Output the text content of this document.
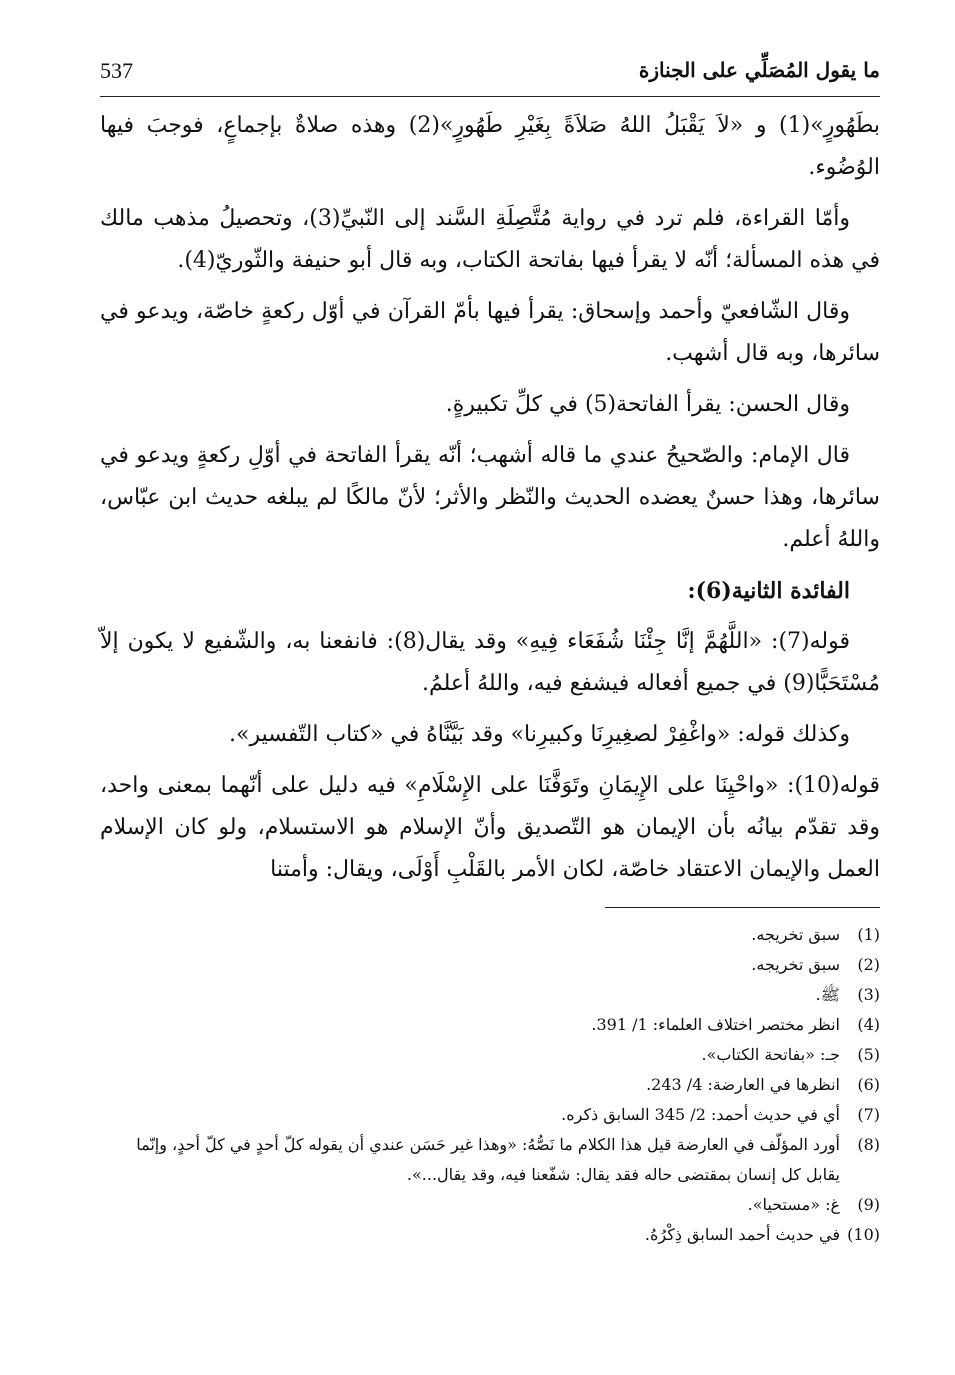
ما يقول المُصَلِّي على الجنازة
537

بطَهُورٍ»(1) و «لاَ يَقْبَلُ اللهُ صَلاَةً بِغَيْرِ طَهُورٍ»(2) وهذه صلاةٌ بإجماعٍ، فوجبَ فيها الوُضُوء.

وأمّا القراءة، فلم ترد في رواية مُتَّصِلَةِ السَّند إلى النّبيِّ(3)، وتحصيلُ مذهب مالك في هذه المسألة؛ أنّه لا يقرأ فيها بفاتحة الكتاب، وبه قال أبو حنيفة والثّوريّ(4).

وقال الشّافعيّ وأحمد وإسحاق: يقرأ فيها بأمّ القرآن في أوّل ركعةٍ خاصّة، ويدعو في سائرها، وبه قال أشهب.

وقال الحسن: يقرأ الفاتحة(5) في كلِّ تكبيرةٍ.

قال الإمام: والصّحيحُ عندي ما قاله أشهب؛ أنّه يقرأ الفاتحة في أوّلِ ركعةٍ ويدعو في سائرها، وهذا حسنٌ يعضده الحديث والنّظر والأثر؛ لأنّ مالكًا لم يبلغه حديث ابن عبّاس، واللهُ أعلم.

الفائدة الثانية(6):

قوله(7): «اللَّهُمَّ إنَّا جِئْنَا شُفَعَاء فِيهِ» وقد يقال(8): فانفعنا به، والشّفيع لا يكون إلاّ مُسْتَحَبًّا(9) في جميع أفعاله فيشفع فيه، واللهُ أعلمُ.

وكذلك قوله: «واغْفِرْ لصغِيرِنَا وكبيرِنا» وقد بَيَّنَّاهُ في «كتاب التّفسير».

قوله(10): «واحْيِنَا على الإِيمَانِ وتَوَفَّنَا على الإِسْلَامِ» فيه دليل على أنّهما بمعنى واحد، وقد تقدّم بيانُه بأن الإيمان هو التّصديق وأنّ الإسلام هو الاستسلام، ولو كان الإسلام العمل والإيمان الاعتقاد خاصّة، لكان الأمر بالقَلْبِ أَوْلَى، ويقال: وأمتنا

(1)
سبق تخريجه.
(2)
سبق تخريجه.
(3)
ﷺ.
(4)
انظر مختصر اختلاف العلماء: 1/ 391.
(5)
جـ: «بفاتحة الكتاب».
(6)
انظرها في العارضة: 4/ 243.
(7)
أي في حديث أحمد: 2/ 345 السابق ذكره.
(8)
أورد المؤلّف في العارضة قيل هذا الكلام ما نَصُّهُ: «وهذا غير حَسَن عندي أن يقوله كلّ أحدٍ في كلّ أحدٍ، وإنّما يقابل كل إنسان بمقتضى حاله فقد يقال: شفّعنا فيه، وقد يقال...».
(9)
غ: «مستحيا».
(10)
في حديث أحمد السابق ذِكْرُهُ.
